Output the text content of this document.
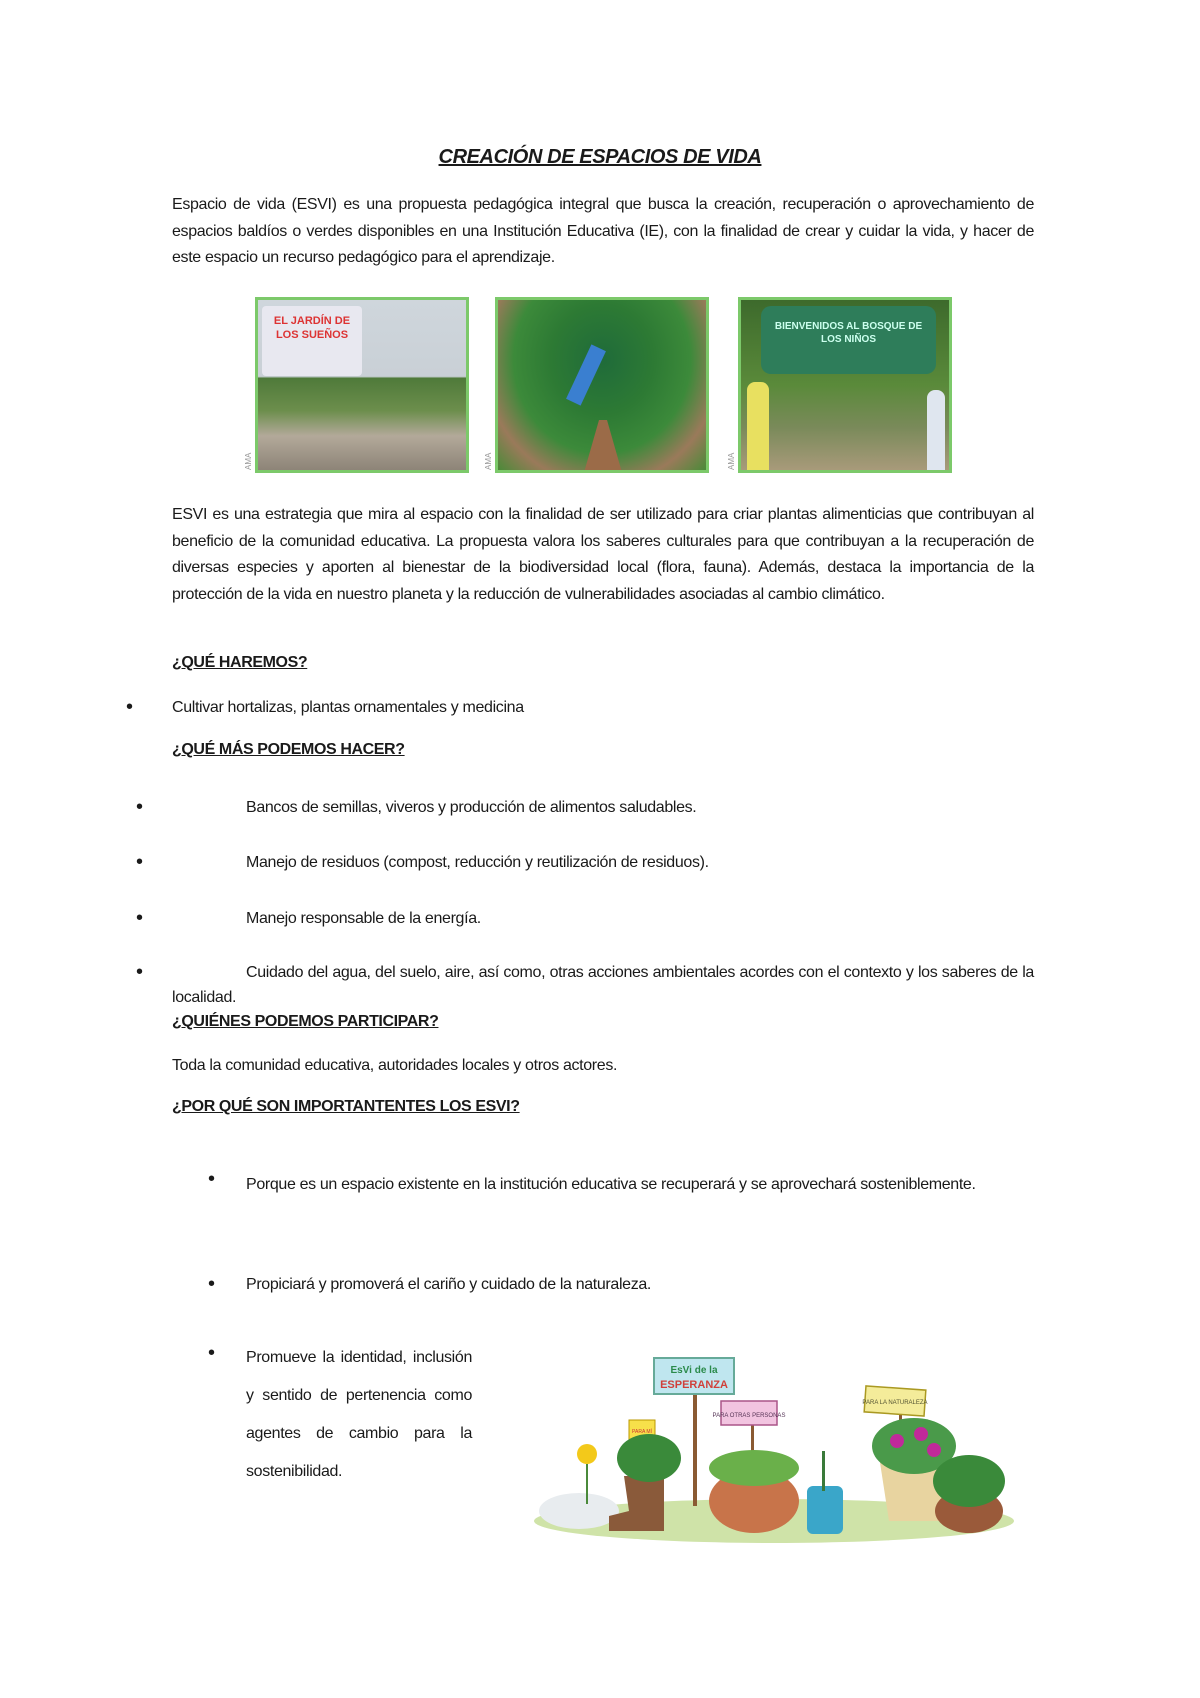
CREACIÓN DE ESPACIOS DE VIDA
Espacio de vida (ESVI) es una propuesta pedagógica integral que busca la creación, recuperación o aprovechamiento de espacios baldíos o verdes disponibles en una Institución Educativa (IE), con la finalidad de crear y cuidar la vida, y hacer de este espacio un recurso pedagógico para el aprendizaje.
EL JARDÍN DE LOS SUEÑOS
AMA	AMA
BIENVENIDOS AL BOSQUE DE LOS NIÑOS
AMA
ESVI es una estrategia que mira al espacio con la finalidad de ser utilizado para criar plantas alimenticias que contribuyan al beneficio de la comunidad educativa. La propuesta valora los saberes culturales para que contribuyan a la recuperación de diversas especies y aporten al bienestar de la biodiversidad local (flora, fauna). Además, destaca la importancia de la protección de la vida en nuestro planeta y la reducción de vulnerabilidades asociadas al cambio climático.
¿QUÉ HAREMOS?
• Cultivar hortalizas, plantas ornamentales y medicina
¿QUÉ MÁS PODEMOS HACER?
•	Bancos de semillas, viveros y producción de alimentos saludables.
•	Manejo de residuos (compost, reducción y reutilización de residuos).
•	Manejo responsable de la energía.
•	Cuidado del agua, del suelo, aire, así como, otras acciones ambientales acordes con el contexto y los saberes de la localidad.
¿QUIÉNES PODEMOS PARTICIPAR?
Toda la comunidad educativa, autoridades locales y otros actores.
¿POR QUÉ SON IMPORTANTENTES LOS ESVI?
• Porque es un espacio existente en la institución educativa se recuperará y se aprovechará sosteniblemente.
• Propiciará y promoverá el cariño y cuidado de la naturaleza.
• Promueve la identidad, inclusión y sentido de pertenencia como agentes de cambio para la sostenibilidad.
EsVi de la
ESPERANZA
PARA OTRAS PERSONAS
PARA MÍ
PARA LA NATURALEZA
